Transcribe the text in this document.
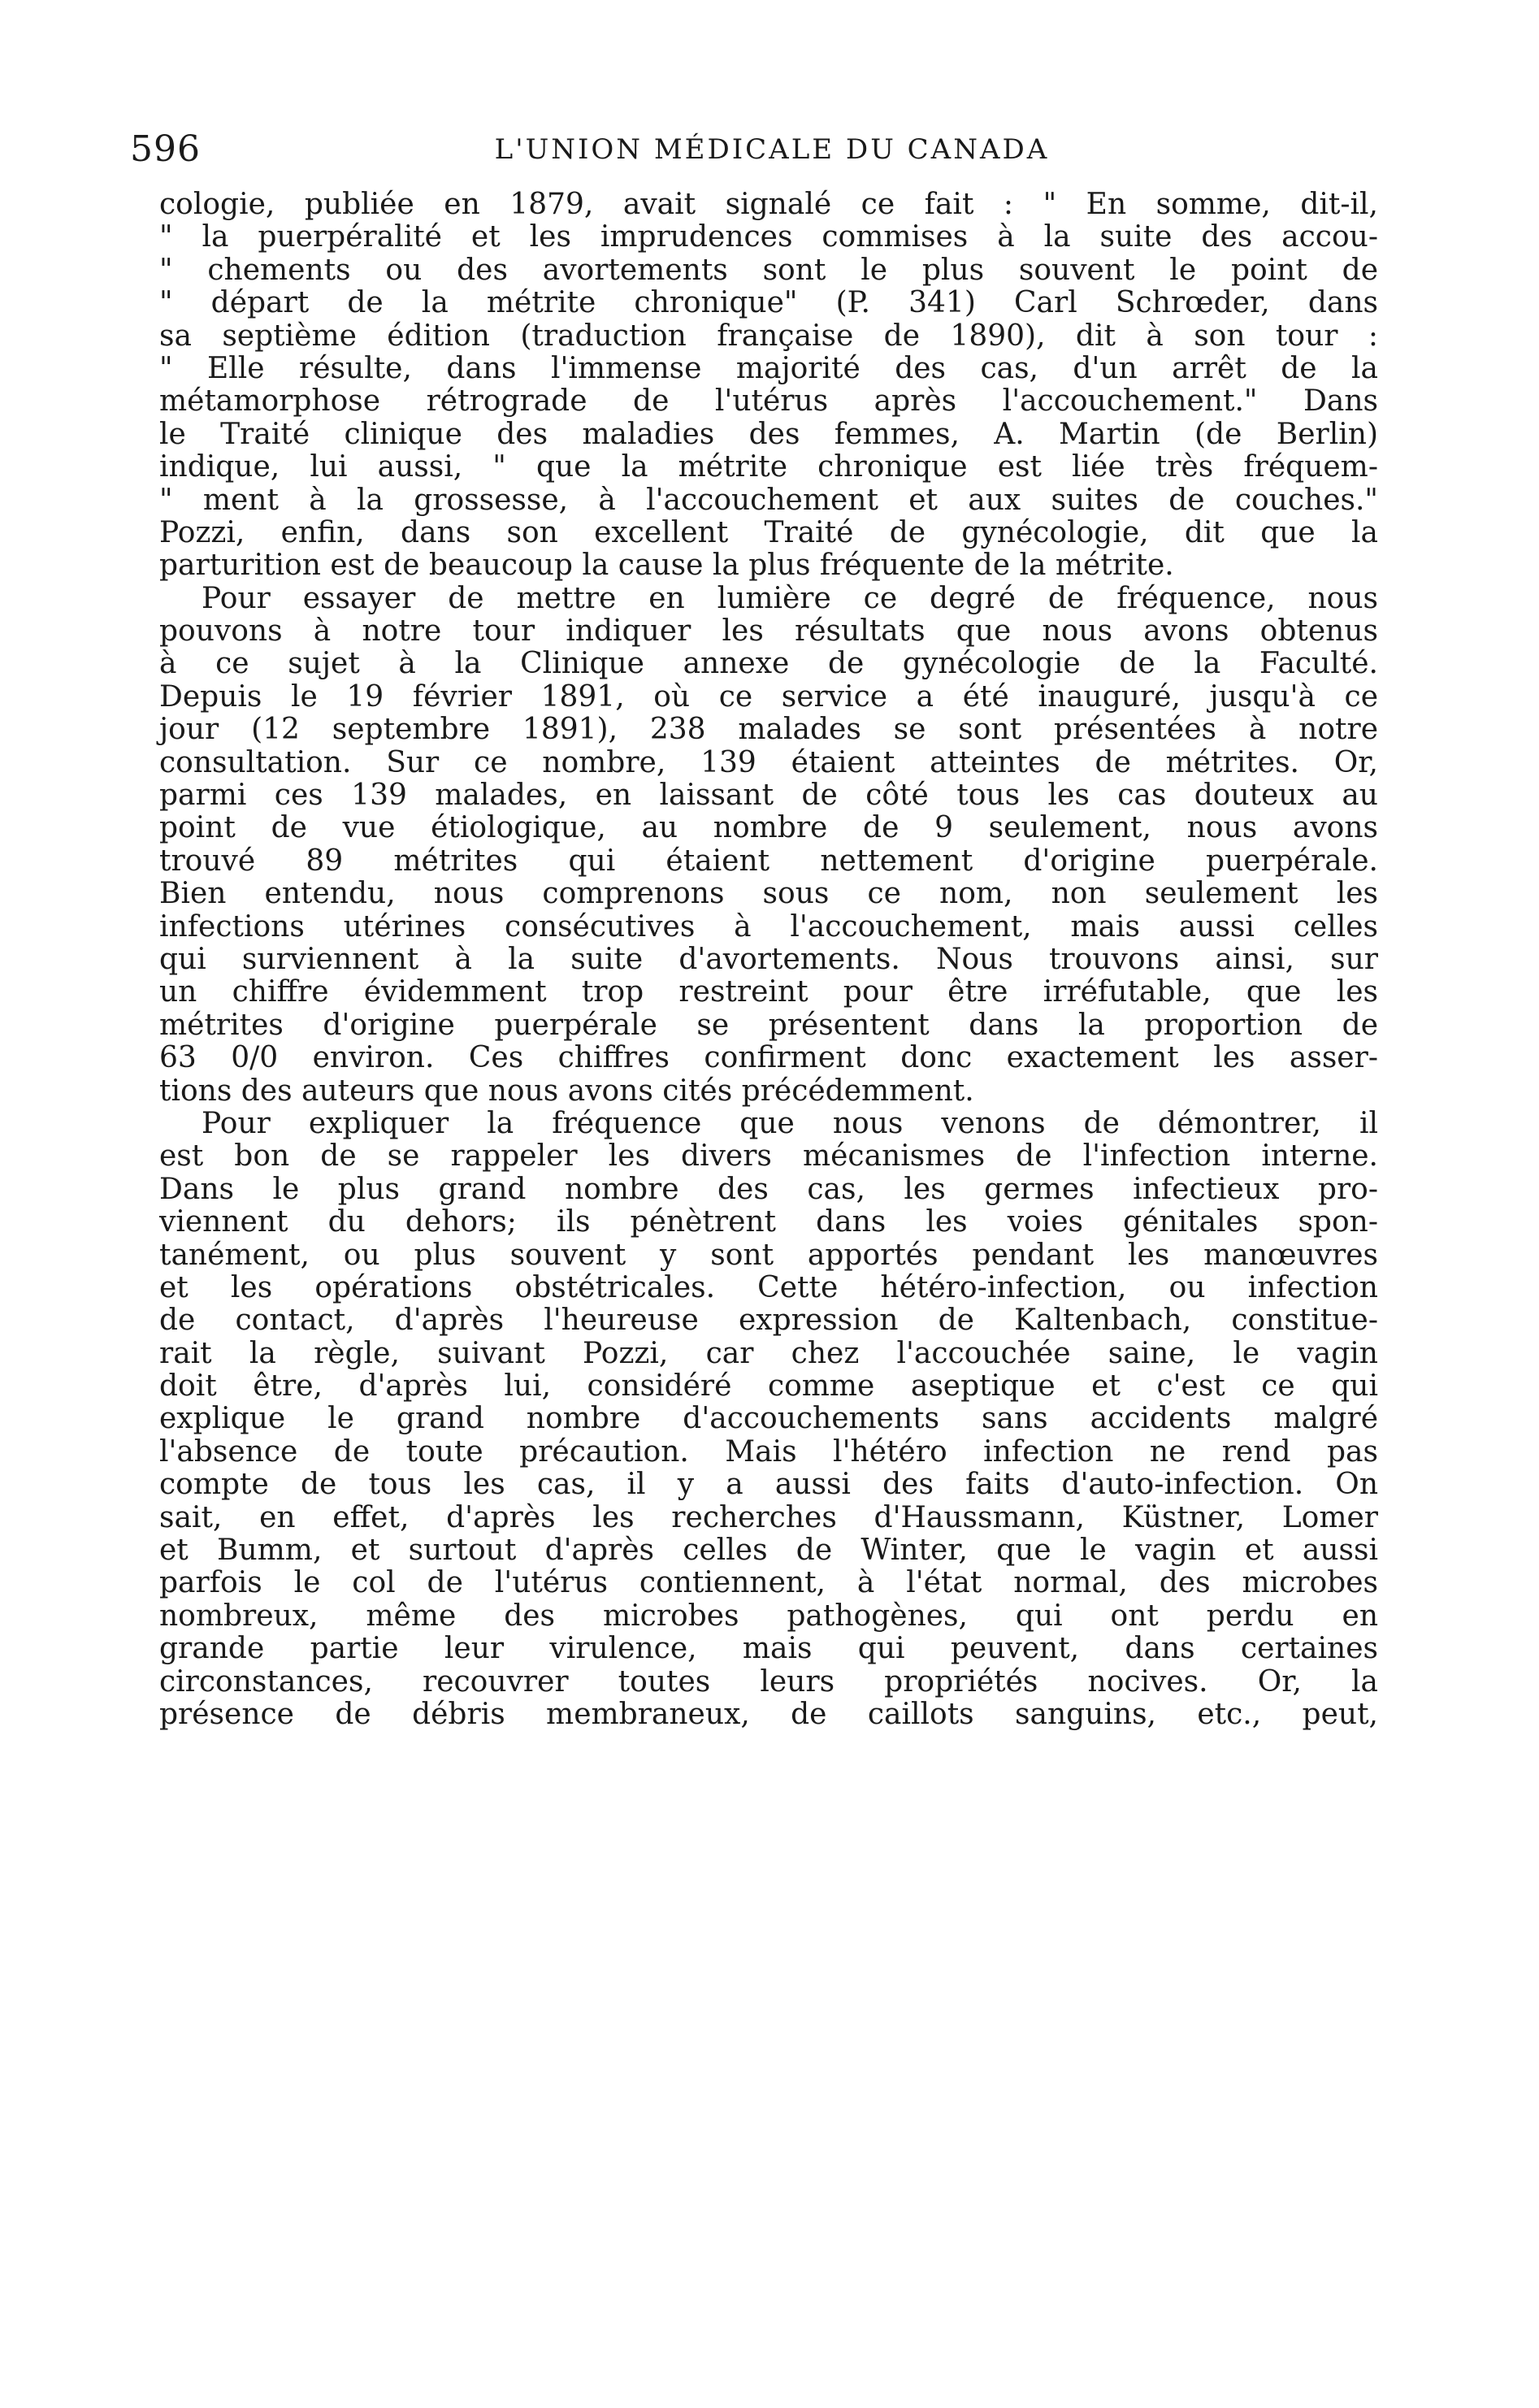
596	L'UNION MÉDICALE DU CANADA
cologie, publiée en 1879, avait signalé ce fait : " En somme, dit-il,
" la puerpéralité et les imprudences commises à la suite des accou-
" chements ou des avortements sont le plus souvent le point de
" départ de la métrite chronique" (P. 341) Carl Schrœder, dans
sa septième édition (traduction française de 1890), dit à son tour :
" Elle résulte, dans l'immense majorité des cas, d'un arrêt de la
métamorphose rétrograde de l'utérus après l'accouchement." Dans
le Traité clinique des maladies des femmes, A. Martin (de Berlin)
indique, lui aussi, " que la métrite chronique est liée très fréquem-
" ment à la grossesse, à l'accouchement et aux suites de couches."
Pozzi, enfin, dans son excellent Traité de gynécologie, dit que la
parturition est de beaucoup la cause la plus fréquente de la métrite.
Pour essayer de mettre en lumière ce degré de fréquence, nous
pouvons à notre tour indiquer les résultats que nous avons obtenus
à ce sujet à la Clinique annexe de gynécologie de la Faculté.
Depuis le 19 février 1891, où ce service a été inauguré, jusqu'à ce
jour (12 septembre 1891), 238 malades se sont présentées à notre
consultation. Sur ce nombre, 139 étaient atteintes de métrites. Or,
parmi ces 139 malades, en laissant de côté tous les cas douteux au
point de vue étiologique, au nombre de 9 seulement, nous avons
trouvé 89 métrites qui étaient nettement d'origine puerpérale.
Bien entendu, nous comprenons sous ce nom, non seulement les
infections utérines consécutives à l'accouchement, mais aussi celles
qui surviennent à la suite d'avortements. Nous trouvons ainsi, sur
un chiffre évidemment trop restreint pour être irréfutable, que les
métrites d'origine puerpérale se présentent dans la proportion de
63 0/0 environ. Ces chiffres confirment donc exactement les asser-
tions des auteurs que nous avons cités précédemment.
Pour expliquer la fréquence que nous venons de démontrer, il
est bon de se rappeler les divers mécanismes de l'infection interne.
Dans le plus grand nombre des cas, les germes infectieux pro-
viennent du dehors; ils pénètrent dans les voies génitales spon-
tanément, ou plus souvent y sont apportés pendant les manœuvres
et les opérations obstétricales. Cette hétéro-infection, ou infection
de contact, d'après l'heureuse expression de Kaltenbach, constitue-
rait la règle, suivant Pozzi, car chez l'accouchée saine, le vagin
doit être, d'après lui, considéré comme aseptique et c'est ce qui
explique le grand nombre d'accouchements sans accidents malgré
l'absence de toute précaution. Mais l'hétéro infection ne rend pas
compte de tous les cas, il y a aussi des faits d'auto-infection. On
sait, en effet, d'après les recherches d'Haussmann, Küstner, Lomer
et Bumm, et surtout d'après celles de Winter, que le vagin et aussi
parfois le col de l'utérus contiennent, à l'état normal, des microbes
nombreux, même des microbes pathogènes, qui ont perdu en
grande partie leur virulence, mais qui peuvent, dans certaines
circonstances, recouvrer toutes leurs propriétés nocives. Or, la
présence de débris membraneux, de caillots sanguins, etc., peut,
